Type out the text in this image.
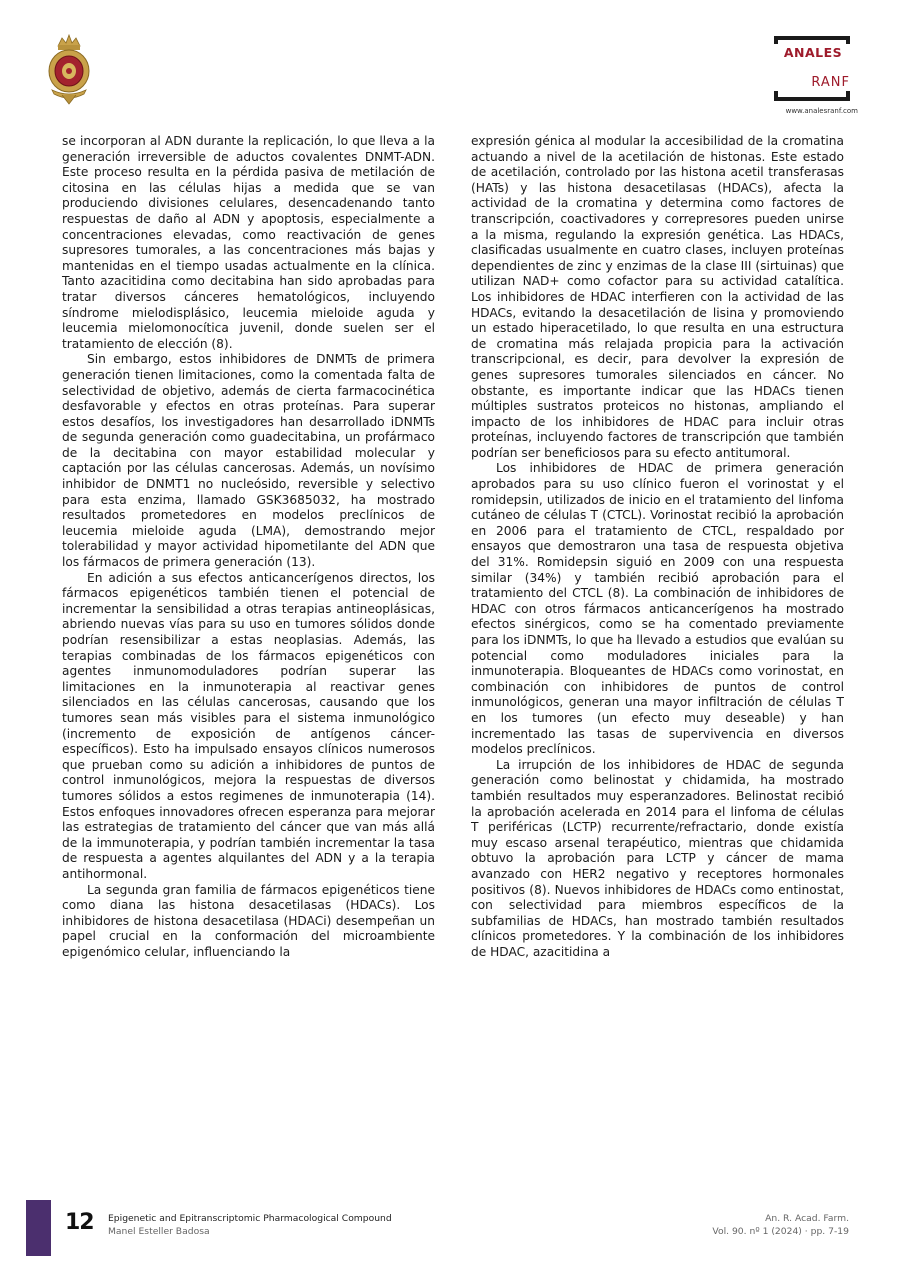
ANALES
RANF
www.analesranf.com

se incorporan al ADN durante la replicación, lo que lleva a la generación irreversible de aductos covalentes DNMT-ADN. Este proceso resulta en la pérdida pasiva de metilación de citosina en las células hijas a medida que se van produciendo divisiones celulares, desencadenando tanto respuestas de daño al ADN y apoptosis, especialmente a concentraciones elevadas, como reactivación de genes supresores tumorales, a las concentraciones más bajas y mantenidas en el tiempo usadas actualmente en la clínica. Tanto azacitidina como decitabina han sido aprobadas para tratar diversos cánceres hematológicos, incluyendo síndrome mielodisplásico, leucemia mieloide aguda y leucemia mielomonocítica juvenil, donde suelen ser el tratamiento de elección (8).

Sin embargo, estos inhibidores de DNMTs de primera generación tienen limitaciones, como la comentada falta de selectividad de objetivo, además de cierta farmacocinética desfavorable y efectos en otras proteínas. Para superar estos desafíos, los investigadores han desarrollado iDNMTs de segunda generación como guadecitabina, un profármaco de la decitabina con mayor estabilidad molecular y captación por las células cancerosas. Además, un novísimo inhibidor de DNMT1 no nucleósido, reversible y selectivo para esta enzima, llamado GSK3685032, ha mostrado resultados prometedores en modelos preclínicos de leucemia mieloide aguda (LMA), demostrando mejor tolerabilidad y mayor actividad hipometilante del ADN que los fármacos de primera generación (13).

En adición a sus efectos anticancerígenos directos, los fármacos epigenéticos también tienen el potencial de incrementar la sensibilidad a otras terapias antineoplásicas, abriendo nuevas vías para su uso en tumores sólidos donde podrían resensibilizar a estas neoplasias. Además, las terapias combinadas de los fármacos epigenéticos con agentes inmunomoduladores podrían superar las limitaciones en la inmunoterapia al reactivar genes silenciados en las células cancerosas, causando que los tumores sean más visibles para el sistema inmunológico (incremento de exposición de antígenos cáncer- específicos). Esto ha impulsado ensayos clínicos numerosos que prueban como su adición a inhibidores de puntos de control inmunológicos, mejora la respuestas de diversos tumores sólidos a estos regimenes de inmunoterapia (14). Estos enfoques innovadores ofrecen esperanza para mejorar las estrategias de tratamiento del cáncer que van más allá de la immunoterapia, y podrían también incrementar la tasa de respuesta a agentes alquilantes del ADN y a la terapia antihormonal.

La segunda gran familia de fármacos epigenéticos tiene como diana las histona desacetilasas (HDACs). Los inhibidores de histona desacetilasa (HDACi) desempeñan un papel crucial en la conformación del microambiente epigenómico celular, influenciando la

expresión génica al modular la accesibilidad de la cromatina actuando a nivel de la acetilación de histonas. Este estado de acetilación, controlado por las histona acetil transferasas (HATs) y las histona desacetilasas (HDACs), afecta la actividad de la cromatina y determina como factores de transcripción, coactivadores y correpresores pueden unirse a la misma, regulando la expresión genética. Las HDACs, clasificadas usualmente en cuatro clases, incluyen proteínas dependientes de zinc y enzimas de la clase III (sirtuinas) que utilizan NAD+ como cofactor para su actividad catalítica. Los inhibidores de HDAC interfieren con la actividad de las HDACs, evitando la desacetilación de lisina y promoviendo un estado hiperacetilado, lo que resulta en una estructura de cromatina más relajada propicia para la activación transcripcional, es decir, para devolver la expresión de genes supresores tumorales silenciados en cáncer. No obstante, es importante indicar que las HDACs tienen múltiples sustratos proteicos no histonas, ampliando el impacto de los inhibidores de HDAC para incluir otras proteínas, incluyendo factores de transcripción que también podrían ser beneficiosos para su efecto antitumoral.

Los inhibidores de HDAC de primera generación aprobados para su uso clínico fueron el vorinostat y el romidepsin, utilizados de inicio en el tratamiento del linfoma cutáneo de células T (CTCL). Vorinostat recibió la aprobación en 2006 para el tratamiento de CTCL, respaldado por ensayos que demostraron una tasa de respuesta objetiva del 31%. Romidepsin siguió en 2009 con una respuesta similar (34%) y también recibió aprobación para el tratamiento del CTCL (8). La combinación de inhibidores de HDAC con otros fármacos anticancerígenos ha mostrado efectos sinérgicos, como se ha comentado previamente para los iDNMTs, lo que ha llevado a estudios que evalúan su potencial como moduladores iniciales para la inmunoterapia. Bloqueantes de HDACs como vorinostat, en combinación con inhibidores de puntos de control inmunológicos, generan una mayor infiltración de células T en los tumores (un efecto muy deseable) y han incrementado las tasas de supervivencia en diversos modelos preclínicos.

La irrupción de los inhibidores de HDAC de segunda generación como belinostat y chidamida, ha mostrado también resultados muy esperanzadores. Belinostat recibió la aprobación acelerada en 2014 para el linfoma de células T periféricas (LCTP) recurrente/refractario, donde existía muy escaso arsenal terapéutico, mientras que chidamida obtuvo la aprobación para LCTP y cáncer de mama avanzado con HER2 negativo y receptores hormonales positivos (8). Nuevos inhibidores de HDACs como entinostat, con selectividad para miembros específicos de la subfamilias de HDACs, han mostrado también resultados clínicos prometedores. Y la combinación de los inhibidores de HDAC, azacitidina a

12 Epigenetic and Epitranscriptomic Pharmacological Compound
Manel Esteller Badosa
An. R. Acad. Farm.
Vol. 90. nº 1 (2024) · pp. 7-19
